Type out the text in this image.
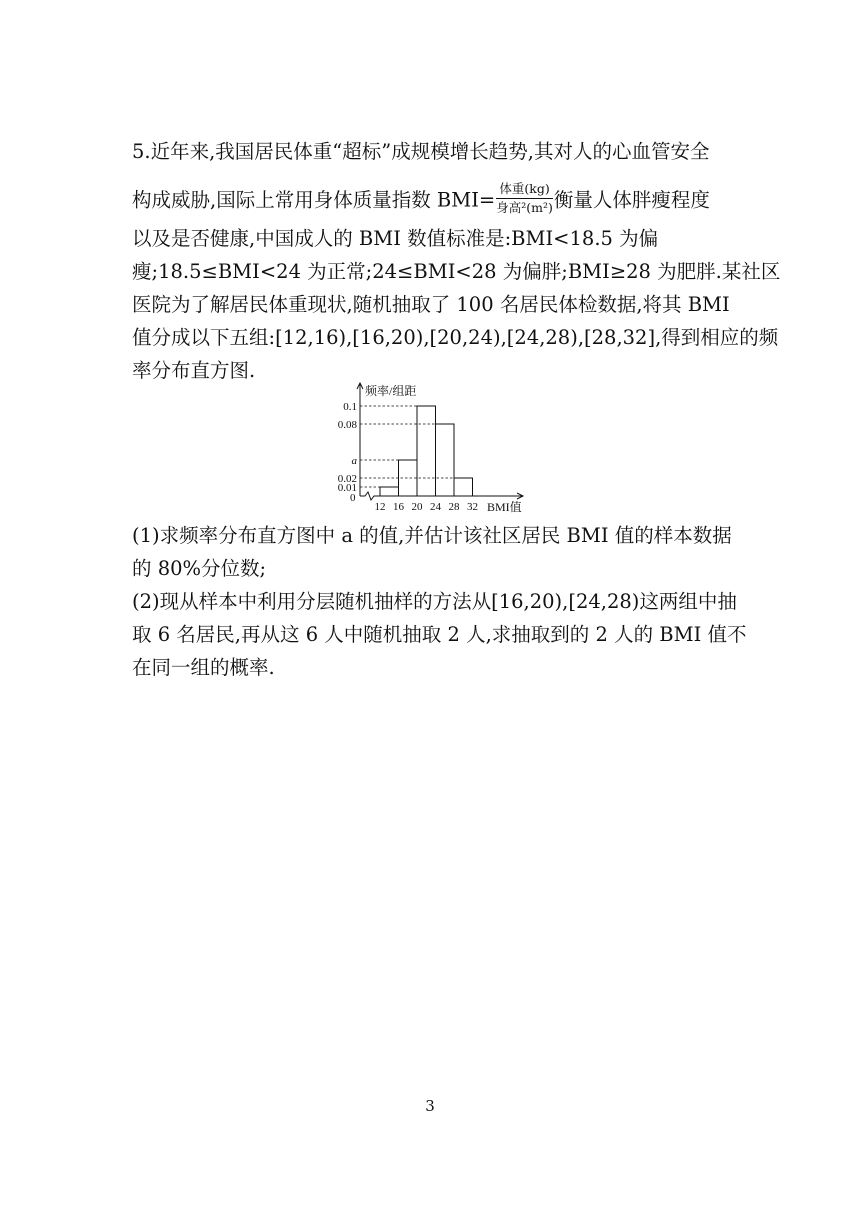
5.近年来,我国居民体重“超标”成规模增长趋势,其对人的心血管安全
构成威胁,国际上常用身体质量指数 $BMI= \frac{\text{体重(kg)}}{\text{身高²(m²)}}$ 衡量人体胖瘦程度
以及是否健康,中国成人的 BMI 数值标准是:BMI<18.5 为偏
瘦;18.5≤BMI<24 为正常;24≤BMI<28 为偏胖;BMI≥28 为肥胖.某社区
医院为了解居民体重现状,随机抽取了 100 名居民体检数据,将其 BMI
值分成以下五组:[12,16),[16,20),[20,24),[24,28),[28,32],得到相应的频
率分布直方图.
0.1
0.08
a
0.02
0.01
12 16 20 24 28 32
频率/组距
BMI值
0
(1)求频率分布直方图中 a 的值,并估计该社区居民 BMI 值的样本数据
的 80%分位数;
(2)现从样本中利用分层随机抽样的方法从[16,20),[24,28)这两组中抽
取 6 名居民,再从这 6 人中随机抽取 2 人,求抽取到的 2 人的 BMI 值不
在同一组的概率.
3
